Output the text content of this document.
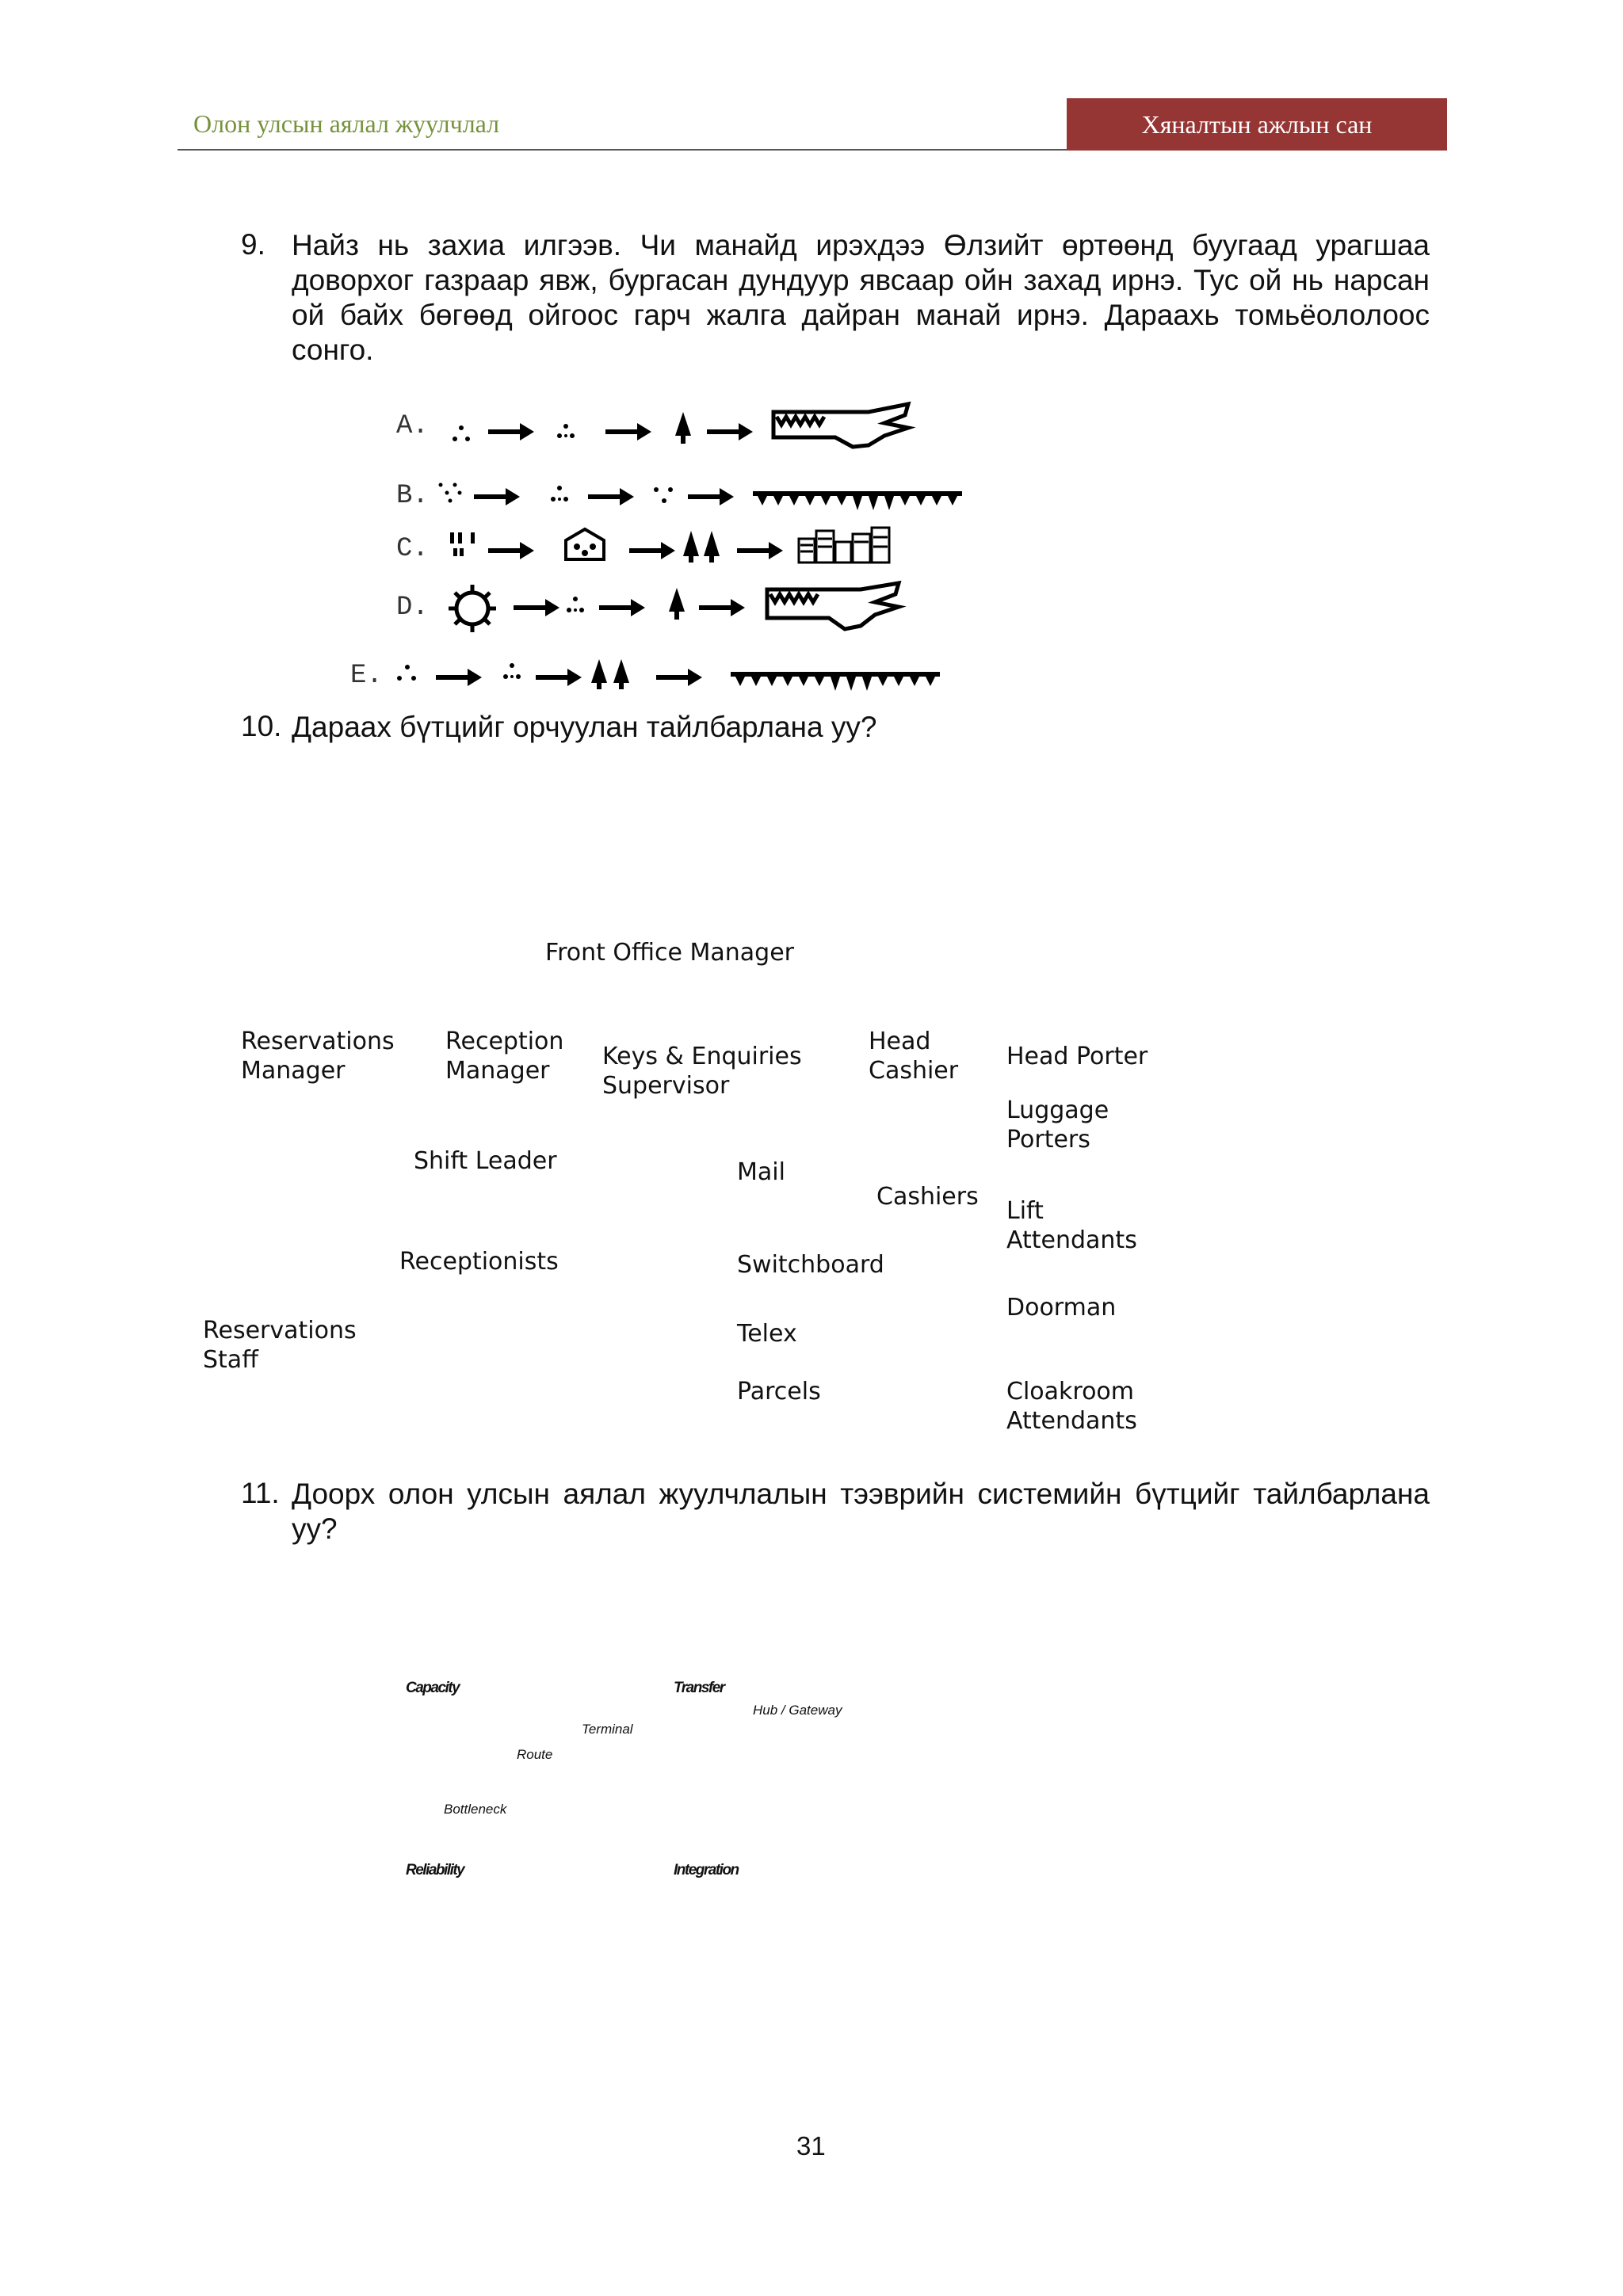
Олон улсын аялал жуулчлал	Хяналтын ажлын сан
9. Найз нь захиа илгээв. Чи манайд ирэхдээ Өлзийт өртөөнд буугаад урагшаа доворхог газраар явж, бургасан дундуур явсаар ойн захад ирнэ. Тус ой нь нарсан ой байх бөгөөд ойгоос гарч жалга дайран манай ирнэ. Дараахь томьёололоос сонго.
A.
B.
C.
D.
E.
10. Дараах бүтцийг орчуулан тайлбарлана уу?
Front Office Manager
Reservations
Manager
Reception
Manager
Keys & Enquiries
Supervisor
Head
Cashier
Head Porter
Luggage
Porters
Shift Leader	Mail
Cashiers
Lift
Attendants
Receptionists	Switchboard
Doorman
Reservations
Staff
Telex
Parcels	Cloakroom
Attendants
11. Доорх олон улсын аялал жуулчлалын тээврийн системийн бүтцийг тайлбарлана уу?
Capacity	Transfer
Hub / Gateway
Terminal
Route
Bottleneck
Reliability	Integration
31
